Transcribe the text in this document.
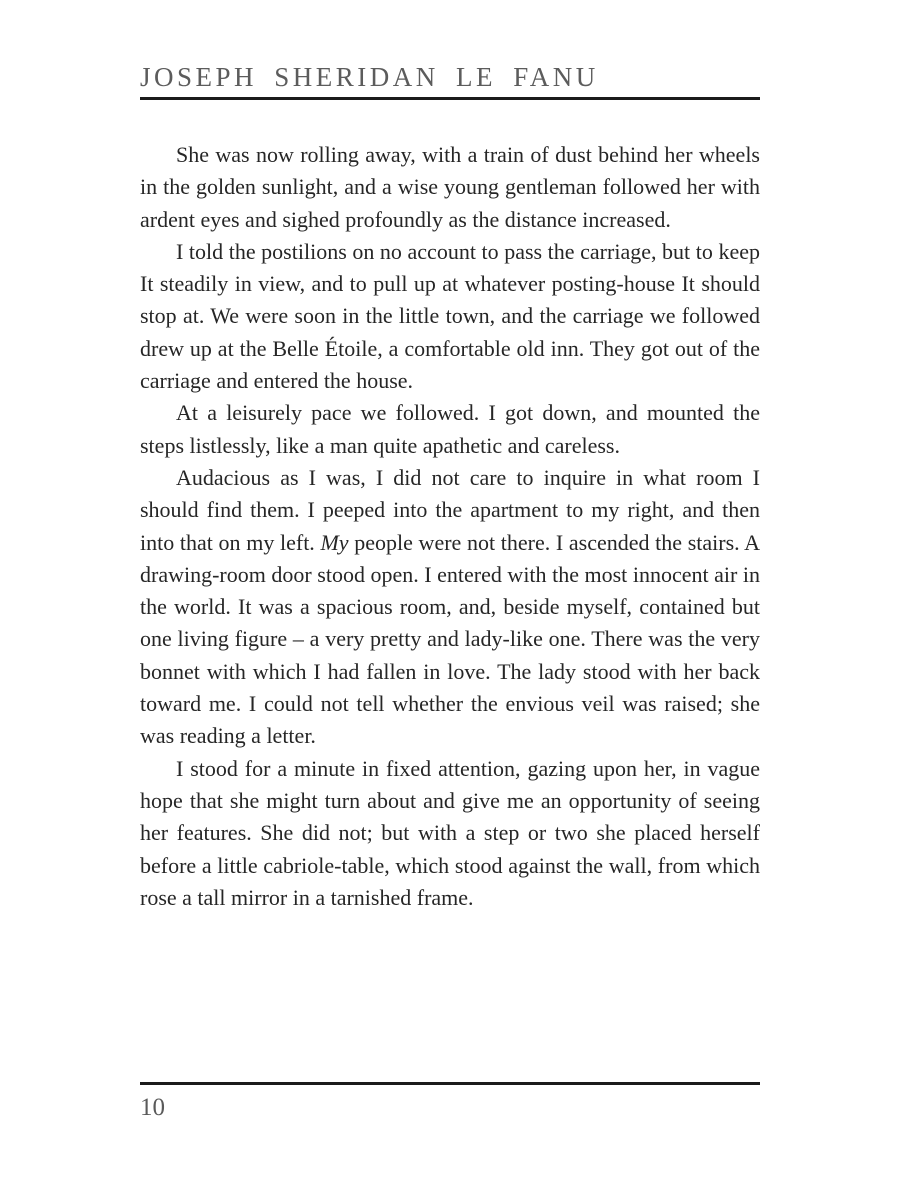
JOSEPH SHERIDAN LE FANU

She was now rolling away, with a train of dust behind her wheels in the golden sunlight, and a wise young gentleman followed her with ardent eyes and sighed profoundly as the distance increased.

I told the postilions on no account to pass the carriage, but to keep It steadily in view, and to pull up at whatever posting-house It should stop at. We were soon in the little town, and the carriage we followed drew up at the Belle Étoile, a comfortable old inn. They got out of the carriage and entered the house.

At a leisurely pace we followed. I got down, and mounted the steps listlessly, like a man quite apathetic and careless.

Audacious as I was, I did not care to inquire in what room I should find them. I peeped into the apartment to my right, and then into that on my left. My people were not there. I ascended the stairs. A drawing-room door stood open. I entered with the most innocent air in the world. It was a spacious room, and, beside myself, contained but one living figure – a very pretty and lady-like one. There was the very bonnet with which I had fallen in love. The lady stood with her back toward me. I could not tell whether the envious veil was raised; she was reading a letter.

I stood for a minute in fixed attention, gazing upon her, in vague hope that she might turn about and give me an opportunity of seeing her features. She did not; but with a step or two she placed herself before a little cabriole-table, which stood against the wall, from which rose a tall mirror in a tarnished frame.

10
